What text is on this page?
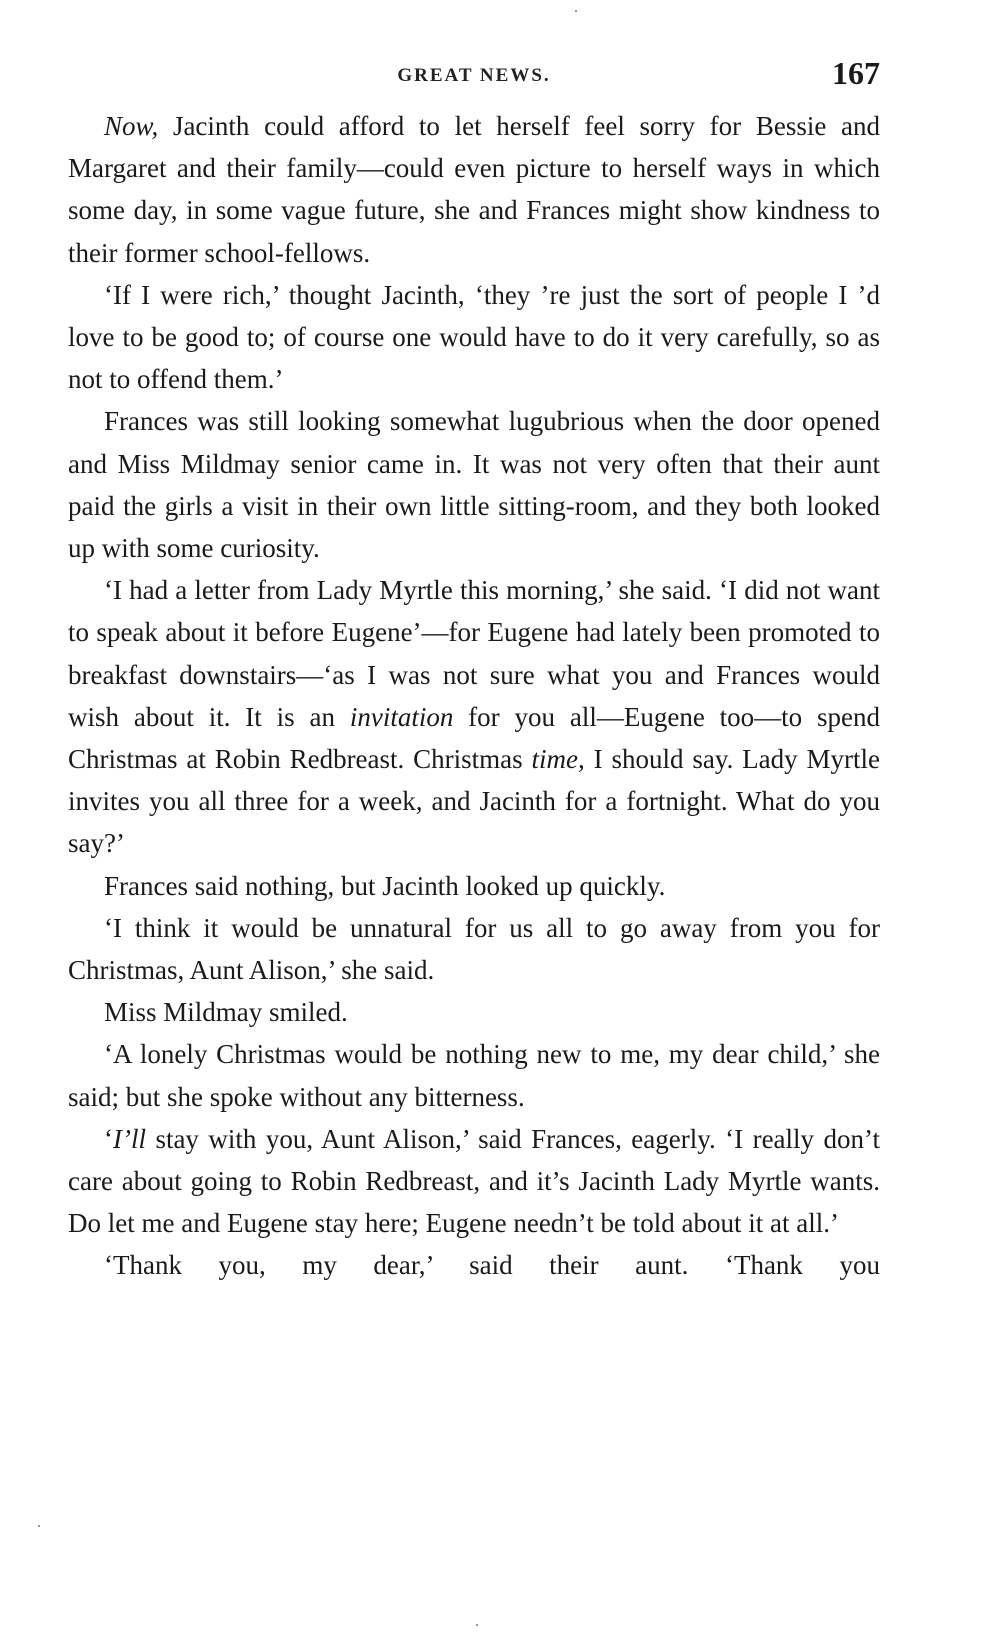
GREAT NEWS.	167

Now, Jacinth could afford to let herself feel sorry for Bessie and Margaret and their family—could even picture to herself ways in which some day, in some vague future, she and Frances might show kindness to their former school-fellows.

‘If I were rich,’ thought Jacinth, ‘they ’re just the sort of people I ’d love to be good to; of course one would have to do it very carefully, so as not to offend them.’

Frances was still looking somewhat lugubrious when the door opened and Miss Mildmay senior came in. It was not very often that their aunt paid the girls a visit in their own little sitting-room, and they both looked up with some curiosity.

‘I had a letter from Lady Myrtle this morning,’ she said. ‘I did not want to speak about it before Eugene’—for Eugene had lately been promoted to breakfast downstairs—‘as I was not sure what you and Frances would wish about it. It is an invitation for you all—Eugene too—to spend Christmas at Robin Redbreast. Christmas time, I should say. Lady Myrtle invites you all three for a week, and Jacinth for a fortnight. What do you say?’

Frances said nothing, but Jacinth looked up quickly.

‘I think it would be unnatural for us all to go away from you for Christmas, Aunt Alison,’ she said.

Miss Mildmay smiled.

‘A lonely Christmas would be nothing new to me, my dear child,’ she said; but she spoke without any bitterness.

‘I’ll stay with you, Aunt Alison,’ said Frances, eagerly. ‘I really don’t care about going to Robin Redbreast, and it’s Jacinth Lady Myrtle wants. Do let me and Eugene stay here; Eugene needn’t be told about it at all.’

‘Thank you, my dear,’ said their aunt. ‘Thank you
